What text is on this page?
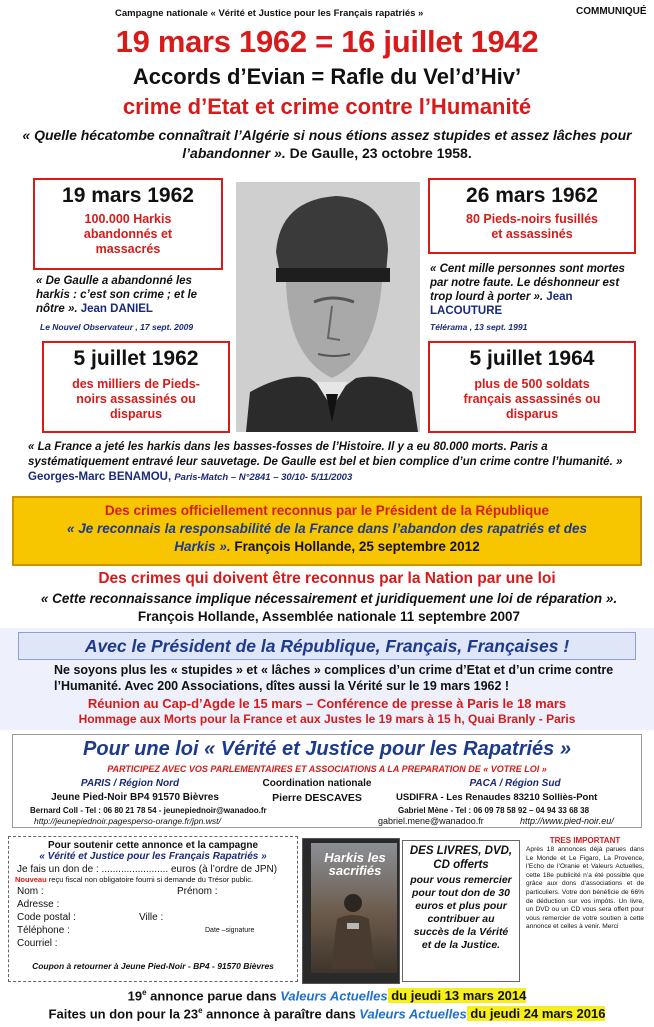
Campagne nationale « Vérité et Justice pour les Français rapatriés »	COMMUNIQUÉ
19 mars 1962 = 16 juillet 1942
Accords d’Evian = Rafle du Vel’d’Hiv’
crime d’Etat et crime contre l’Humanité
« Quelle hécatombe connaîtrait l’Algérie si nous étions assez stupides et assez lâches pour l’abandonner ». De Gaulle, 23 octobre 1958.
19 mars 1962
100.000 Harkis abandonnés et massacrés
26 mars 1962
80 Pieds-noirs fusillés et assassinés
« De Gaulle a abandonné les harkis : c’est son crime ; et le nôtre ». Jean DANIEL
Le Nouvel Observateur , 17 sept. 2009
« Cent mille personnes sont mortes par notre faute. Le déshonneur est trop lourd à porter ». Jean LACOUTURE
Télérama , 13 sept. 1991
5 juillet 1962
des milliers de Pieds-noirs assassinés ou disparus
5 juillet 1964
plus de 500 soldats français assassinés ou disparus
« La France a jeté les harkis dans les basses-fosses de l’Histoire. Il y a eu 80.000 morts. Paris a systématiquement entravé leur sauvetage. De Gaulle est bel et bien complice d’un crime contre l’humanité. » Georges-Marc BENAMOU, Paris-Match – N°2841 – 30/10- 5/11/2003
Des crimes officiellement reconnus par le Président de la République
« Je reconnais la responsabilité de la France dans l’abandon des rapatriés et des Harkis ». François Hollande, 25 septembre 2012
Des crimes qui doivent être reconnus par la Nation par une loi
« Cette reconnaissance implique nécessairement et juridiquement une loi de réparation ». François Hollande, Assemblée nationale 11 septembre 2007
Avec le Président de la République, Français, Françaises !
Ne soyons plus les « stupides » et « lâches » complices d’un crime d’Etat et d’un crime contre l’Humanité. Avec 200 Associations, dîtes aussi la Vérité sur le 19 mars 1962 !
Réunion au Cap-d’Agde le 15 mars – Conférence de presse à Paris le 18 mars
Hommage aux Morts pour la France et aux Justes le 19 mars à 15 h, Quai Branly - Paris
Pour une loi « Vérité et Justice pour les Rapatriés »
PARTICIPEZ AVEC VOS PARLEMENTAIRES ET ASSOCIATIONS A LA PREPARATION DE « VOTRE LOI »
PARIS / Région Nord
Jeune Pied-Noir BP4 91570 Bièvres
Bernard Coll - Tel : 06 80 21 78 54 - jeunepiednoir@wanadoo.fr
http://jeunepiednoir.pagesperso-orange.fr/jpn.wst/
Coordination nationale
Pierre DESCAVES
PACA / Région Sud
USDIFRA - Les Renaudes 83210 Solliès-Pont
Gabriel Mène - Tel : 06 09 78 58 92 – 04 94 33 68 38
gabriel.mene@wanadoo.fr	http://www.pied-noir.eu/
Pour soutenir cette annonce et la campagne
« Vérité et Justice pour les Français Rapatriés »
Je fais un don de : ........................ euros (à l’ordre de JPN)
Nouveau reçu fiscal non obligatoire fourni si demande du Trésor public.
Nom :	Prénom :
Adresse :
Code postal :	Ville :
Téléphone :	Date –signature
Courriel :
Coupon à retourner à Jeune Pied-Noir - BP4 - 91570 Bièvres
Harkis les sacrifiés
DES LIVRES, DVD, CD offerts
pour vous remercier pour tout don de 30 euros et plus pour contribuer au succès de la Vérité et de la Justice.
TRES IMPORTANT
Après 18 annonces déjà parues dans Le Monde et Le Figaro, La Provence, l’Echo de l’Oranie et Valeurs Actuelles, cette 18e publicité n’a été possible que grâce aux dons d’associations et de particuliers. Votre don bénéficie de 66% de déduction sur vos impôts. Un livre, un DVD ou un CD vous sera offert pour vous remercier de votre soutien à cette annonce et celles à venir. Merci
19e annonce parue dans Valeurs Actuelles du jeudi 13 mars 2014
Faites un don pour la 23e annonce à paraître dans Valeurs Actuelles du jeudi 24 mars 2016
